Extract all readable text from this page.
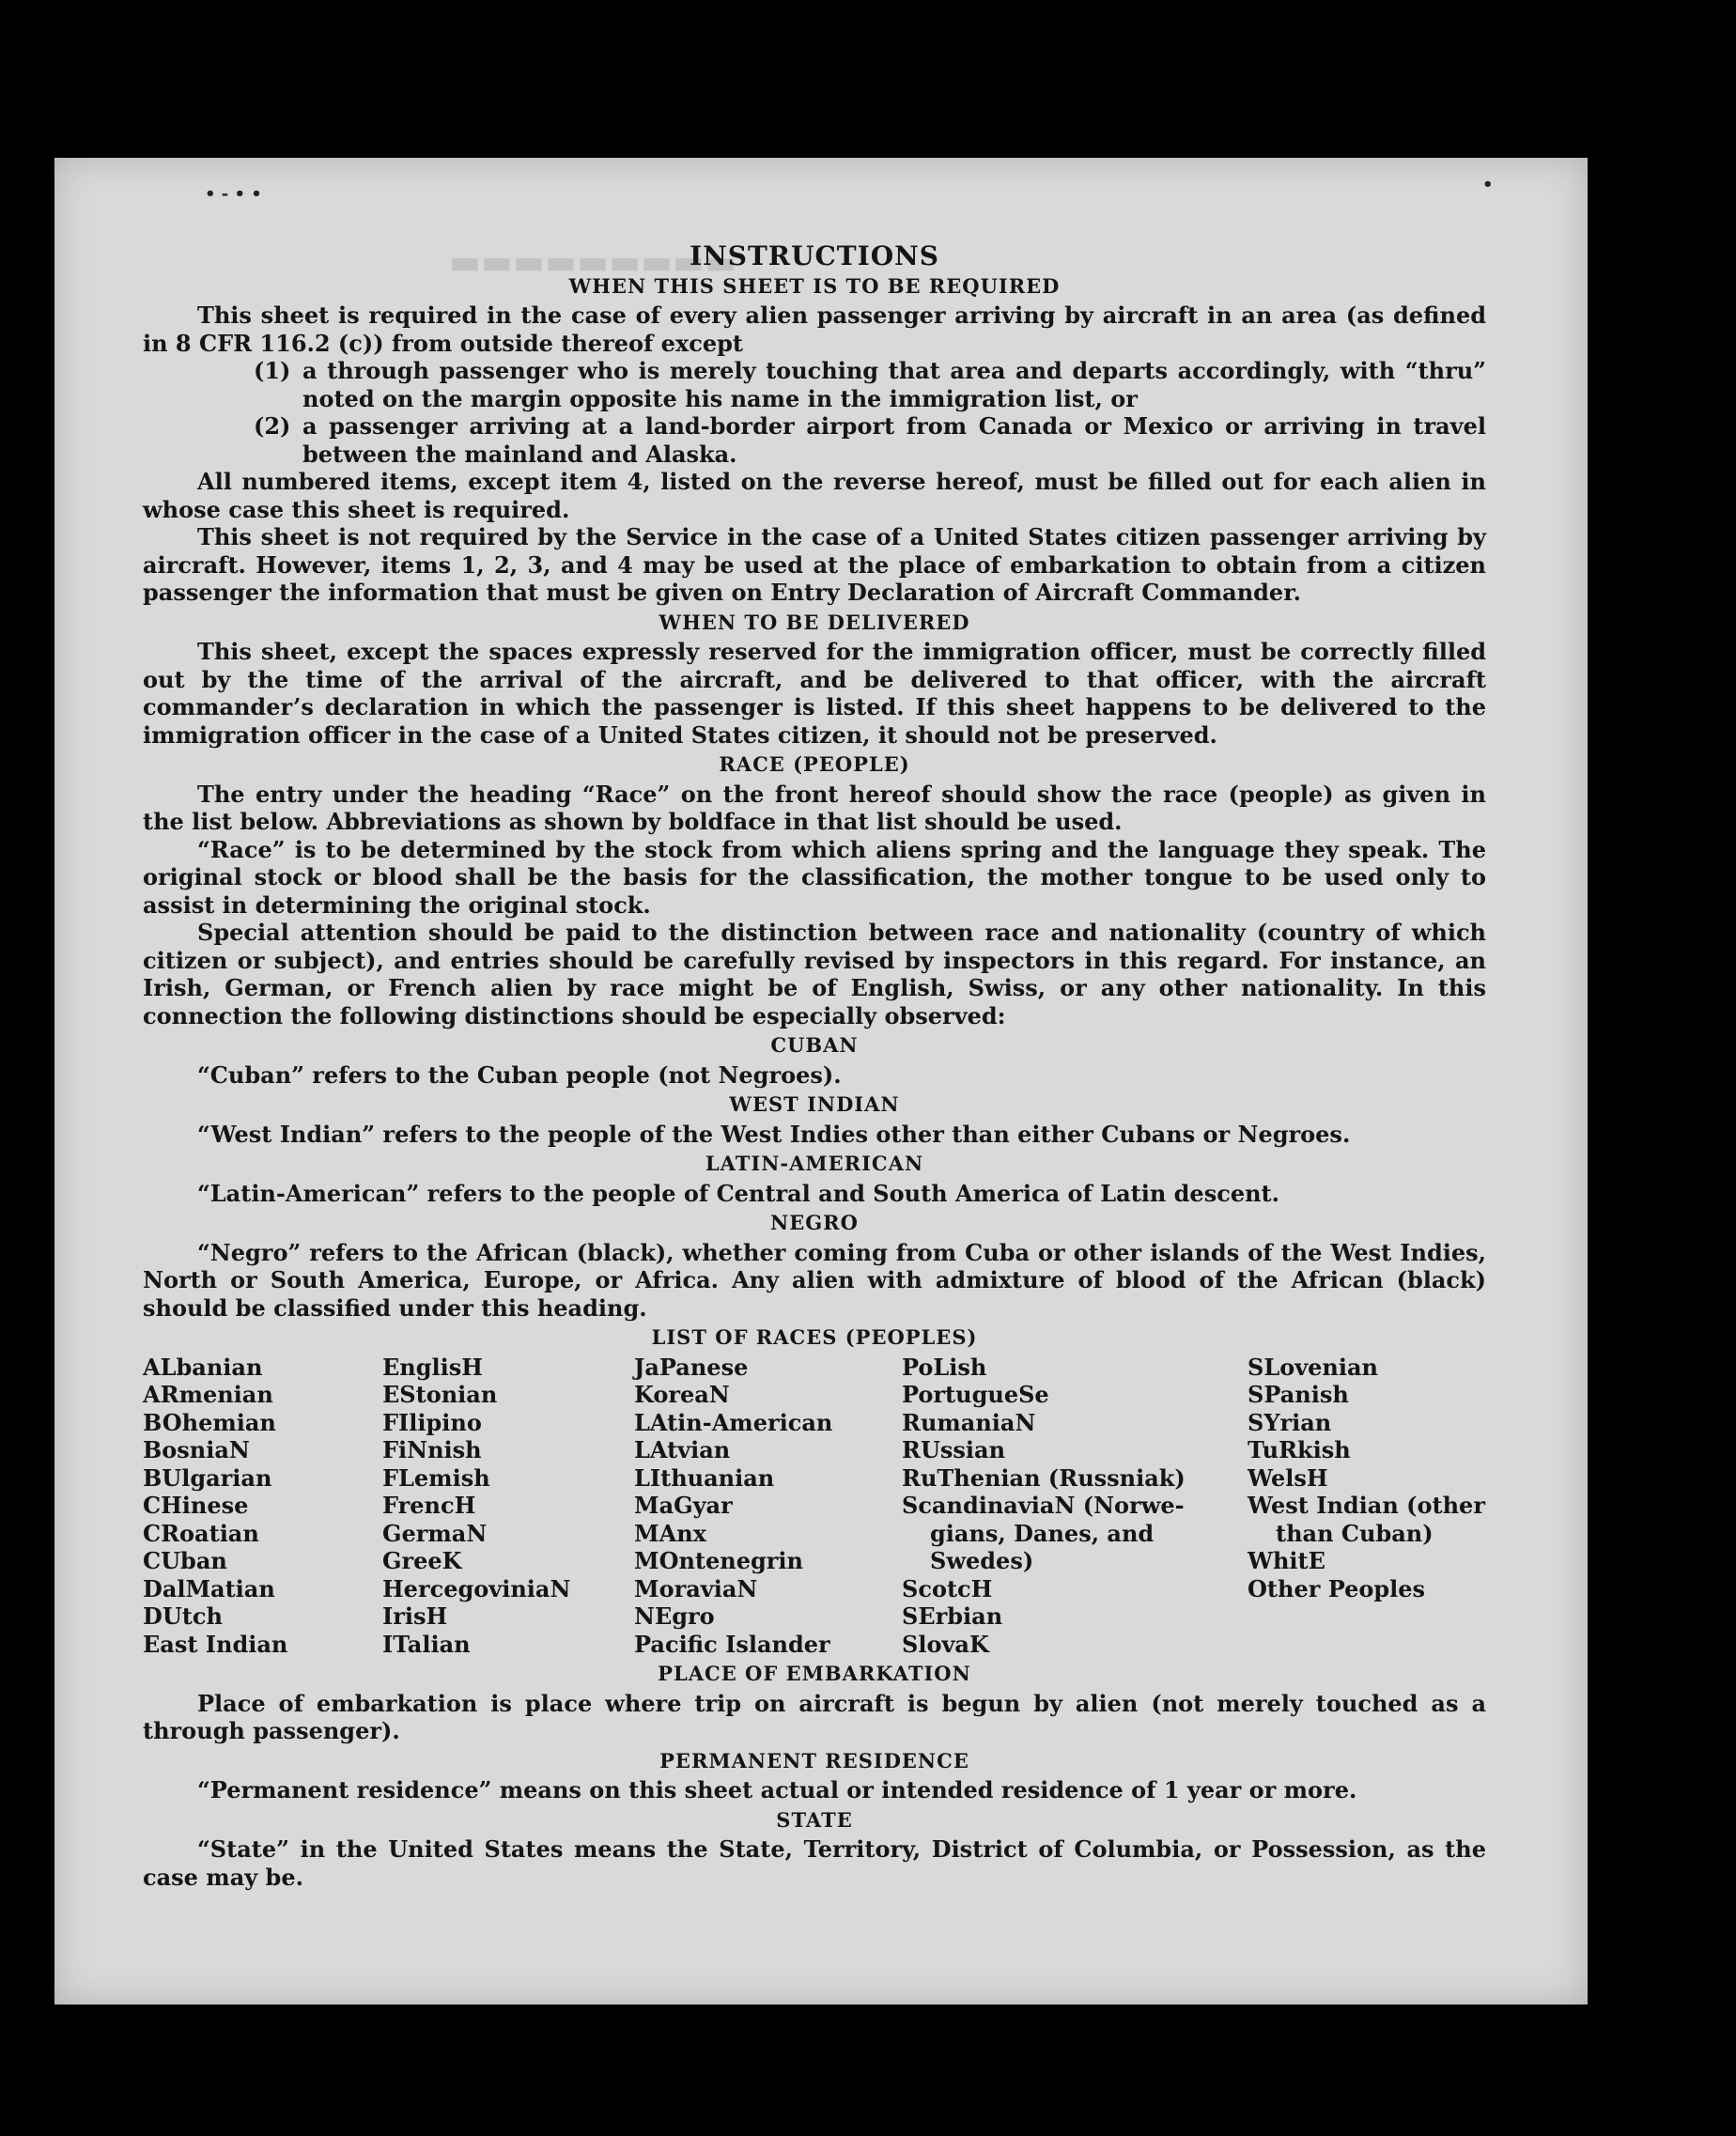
▬▬▬▬▬▬▬▬▬
• ‑ • •	•
INSTRUCTIONS
WHEN THIS SHEET IS TO BE REQUIRED

This sheet is required in the case of every alien passenger arriving by aircraft in an area (as defined in 8 CFR 116.2 (c)) from outside thereof except

(1) a through passenger who is merely touching that area and departs accordingly, with “thru” noted on the margin opposite his name in the immigration list, or
(2) a passenger arriving at a land-border airport from Canada or Mexico or arriving in travel between the mainland and Alaska.

All numbered items, except item 4, listed on the reverse hereof, must be filled out for each alien in whose case this sheet is required.

This sheet is not required by the Service in the case of a United States citizen passenger arriving by aircraft. However, items 1, 2, 3, and 4 may be used at the place of embarkation to obtain from a citizen passenger the information that must be given on Entry Declaration of Aircraft Commander.

WHEN TO BE DELIVERED

This sheet, except the spaces expressly reserved for the immigration officer, must be correctly filled out by the time of the arrival of the aircraft, and be delivered to that officer, with the aircraft commander’s declaration in which the passenger is listed. If this sheet happens to be delivered to the immigration officer in the case of a United States citizen, it should not be preserved.

RACE (PEOPLE)

The entry under the heading “Race” on the front hereof should show the race (people) as given in the list below. Abbreviations as shown by boldface in that list should be used.

“Race” is to be determined by the stock from which aliens spring and the language they speak. The original stock or blood shall be the basis for the classification, the mother tongue to be used only to assist in determining the original stock.

Special attention should be paid to the distinction between race and nationality (country of which citizen or subject), and entries should be carefully revised by inspectors in this regard. For instance, an Irish, German, or French alien by race might be of English, Swiss, or any other nationality. In this connection the following distinctions should be especially observed:

CUBAN

“Cuban” refers to the Cuban people (not Negroes).

WEST INDIAN

“West Indian” refers to the people of the West Indies other than either Cubans or Negroes.

LATIN-AMERICAN

“Latin-American” refers to the people of Central and South America of Latin descent.

NEGRO

“Negro” refers to the African (black), whether coming from Cuba or other islands of the West Indies, North or South America, Europe, or Africa. Any alien with admixture of blood of the African (black) should be classified under this heading.

LIST OF RACES (PEOPLES)
ALbanian
ARmenian
BOhemian
BosniaN
BUlgarian
CHinese
CRoatian
CUban
DalMatian
DUtch
East Indian
EnglisH
EStonian
FIlipino
FiNnish
FLemish
FrencH
GermaN
GreeK
HercegoviniaN
IrisH
ITalian
JaPanese
KoreaN
LAtin-American
LAtvian
LIthuanian
MaGyar
MAnx
MOntenegrin
MoraviaN
NEgro
Pacific Islander
PoLish
PortugueSe
RumaniaN
RUssian
RuThenian (Russniak)
ScandinaviaN (Norwe-
gians, Danes, and
Swedes)
ScotcH
SErbian
SlovaK
SLovenian
SPanish
SYrian
TuRkish
WelsH
West Indian (other
than Cuban)
WhitE
Other Peoples
PLACE OF EMBARKATION

Place of embarkation is place where trip on aircraft is begun by alien (not merely touched as a through passenger).

PERMANENT RESIDENCE

“Permanent residence” means on this sheet actual or intended residence of 1 year or more.

STATE

“State” in the United States means the State, Territory, District of Columbia, or Possession, as the case may be.
